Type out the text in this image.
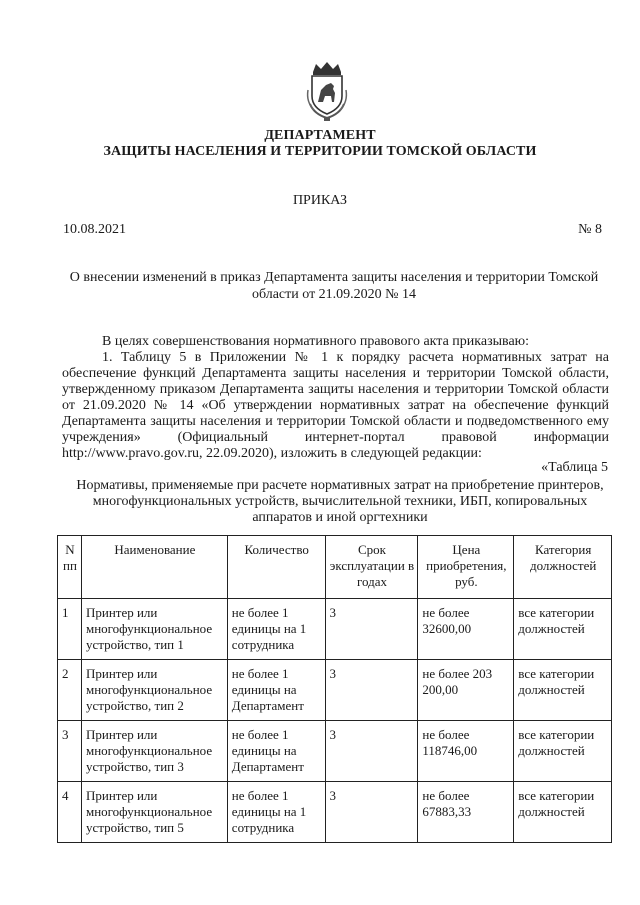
ДЕПАРТАМЕНТ
ЗАЩИТЫ НАСЕЛЕНИЯ И ТЕРРИТОРИИ ТОМСКОЙ ОБЛАСТИ
ПРИКАЗ
10.08.2021	№ 8
О внесении изменений в приказ Департамента защиты населения и территории Томской области от 21.09.2020 № 14

В целях совершенствования нормативного правового акта приказываю:

1. Таблицу 5 в Приложении № 1 к порядку расчета нормативных затрат на обеспечение функций Департамента защиты населения и территории Томской области, утвержденному приказом Департамента защиты населения и территории Томской области от 21.09.2020 № 14 «Об утверждении нормативных затрат на обеспечение функций Департамента защиты населения и территории Томской области и подведомственного ему учреждения» (Официальный интернет-портал правовой информации http://www.pravo.gov.ru, 22.09.2020), изложить в следующей редакции:

«Таблица 5
Нормативы, применяемые при расчете нормативных затрат на приобретение принтеров, многофункциональных устройств, вычислительной техники, ИБП, копировальных аппаратов и иной оргтехники
N пп	Наименование	Количество	Срок эксплуатации в годах	Цена приобретения, руб.	Категория должностей
1	Принтер или многофункциональное устройство, тип 1	не более 1 единицы на 1 сотрудника	3	не более 32600,00	все категории должностей
2	Принтер или многофункциональное устройство, тип 2	не более 1 единицы на Департамент	3	не более 203 200,00	все категории должностей
3	Принтер или многофункциональное устройство, тип 3	не более 1 единицы на Департамент	3	не более 118746,00	все категории должностей
4	Принтер или многофункциональное устройство, тип 5	не более 1 единицы на 1 сотрудника	3	не более 67883,33	все категории должностей
